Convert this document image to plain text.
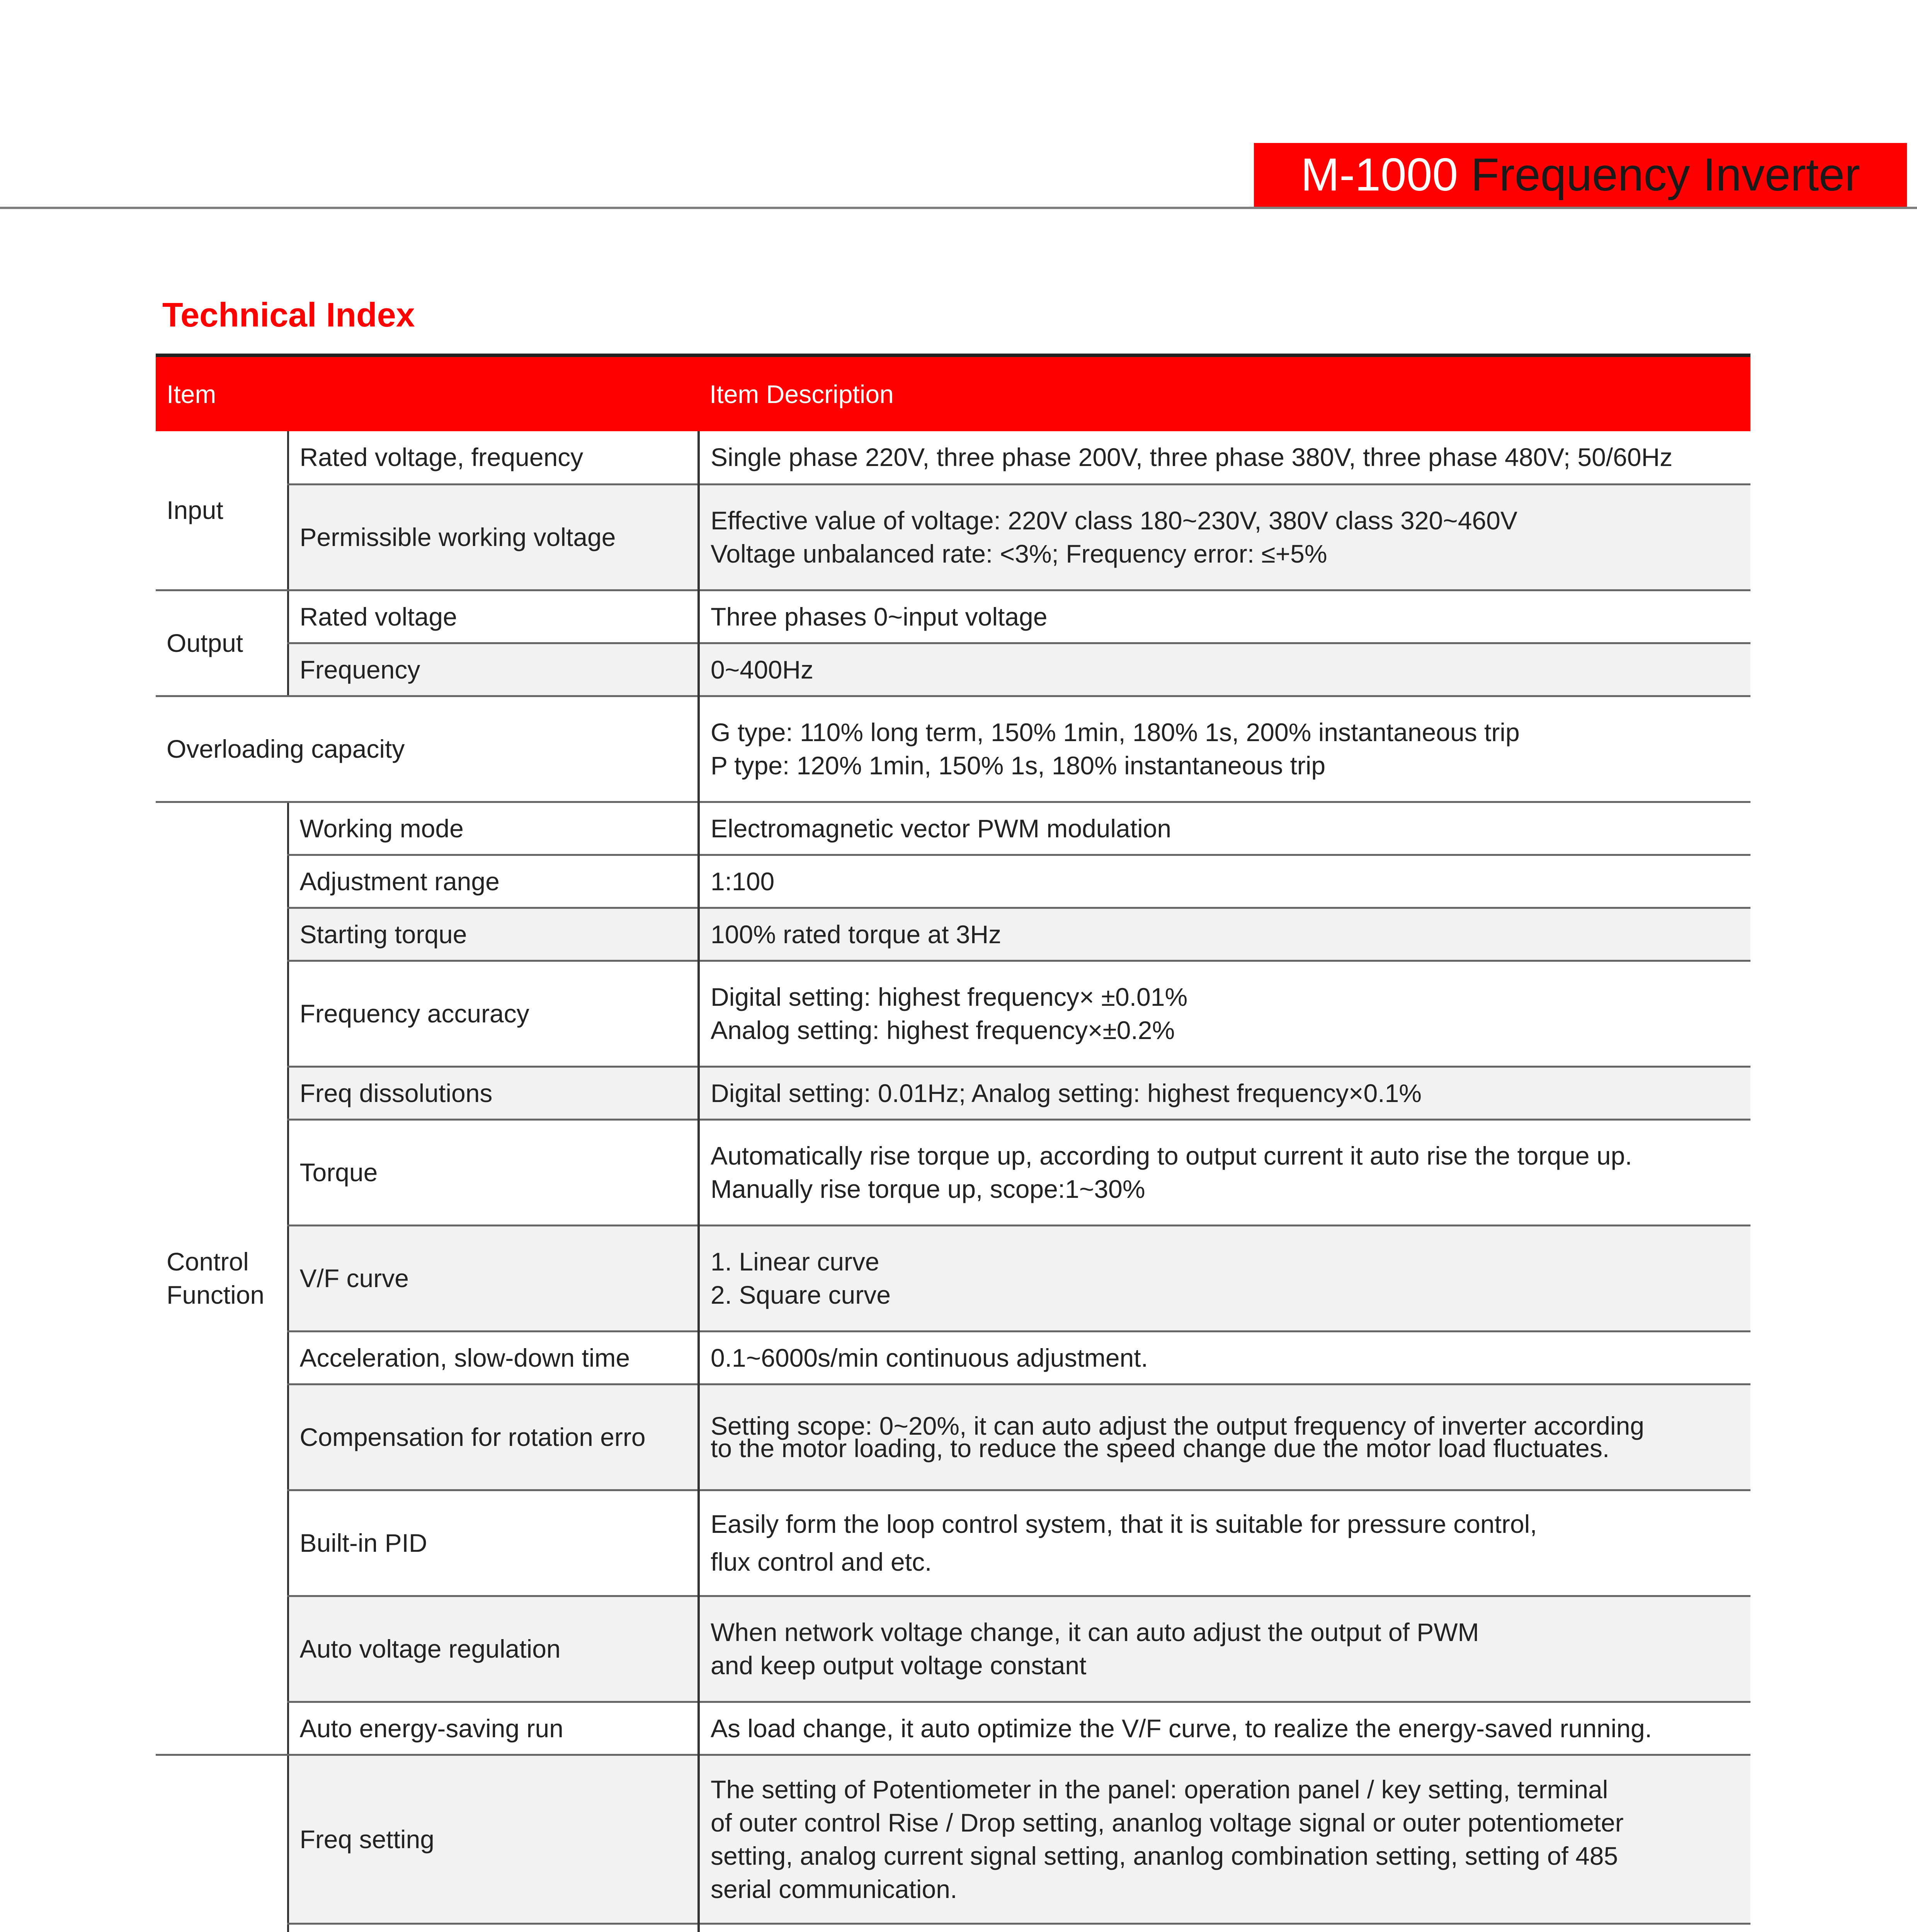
M-1000 Frequency Inverter
Technical Index
Item		Item Description

Input	Rated voltage, frequency	Single phase 220V, three phase 200V, three phase 380V, three phase 480V; 50/60Hz

	Permissible working voltage	Effective value of voltage: 220V class 180~230V, 380V class 320~460V
Voltage unbalanced rate: <3%; Frequency error: ≤+5%

Output	Rated voltage	Three phases 0~input voltage

	Frequency	0~400Hz

Overloading capacity		G type: 110% long term, 150% 1min, 180% 1s, 200% instantaneous trip
P type: 120% 1min, 150% 1s, 180% instantaneous trip

Control
Function	Working mode	Electromagnetic vector PWM modulation

	Adjustment range	1:100

	Starting torque	100% rated torque at 3Hz

	Frequency accuracy	Digital setting: highest frequency× ±0.01%
Analog setting: highest frequency×±0.2%

	Freq dissolutions	Digital setting: 0.01Hz; Analog setting: highest frequency×0.1%

	Torque	Automatically rise torque up, according to output current it auto rise the torque up.
Manually rise torque up, scope:1~30%

	V/F curve	1. Linear curve
2. Square curve

	Acceleration, slow-down time	0.1~6000s/min continuous adjustment.

	Compensation for rotation erro	Setting scope: 0~20%, it can auto adjust the output frequency of inverter according
to the motor loading, to reduce the speed change due the motor load fluctuates.

	Built-in PID	Easily form the loop control system, that it is suitable for pressure control,
flux control and etc.

	Auto voltage regulation	When network voltage change, it can auto adjust the output of PWM
and keep output voltage constant

	Auto energy-saving run	As load change, it auto optimize the V/F curve, to realize the energy-saved running.

	Freq setting	The setting of Potentiometer in the panel: operation panel / key setting, terminal
of outer control Rise / Drop setting, ananlog voltage signal or outer potentiometer
setting, analog current signal setting, ananlog combination setting, setting of 485
serial communication.
